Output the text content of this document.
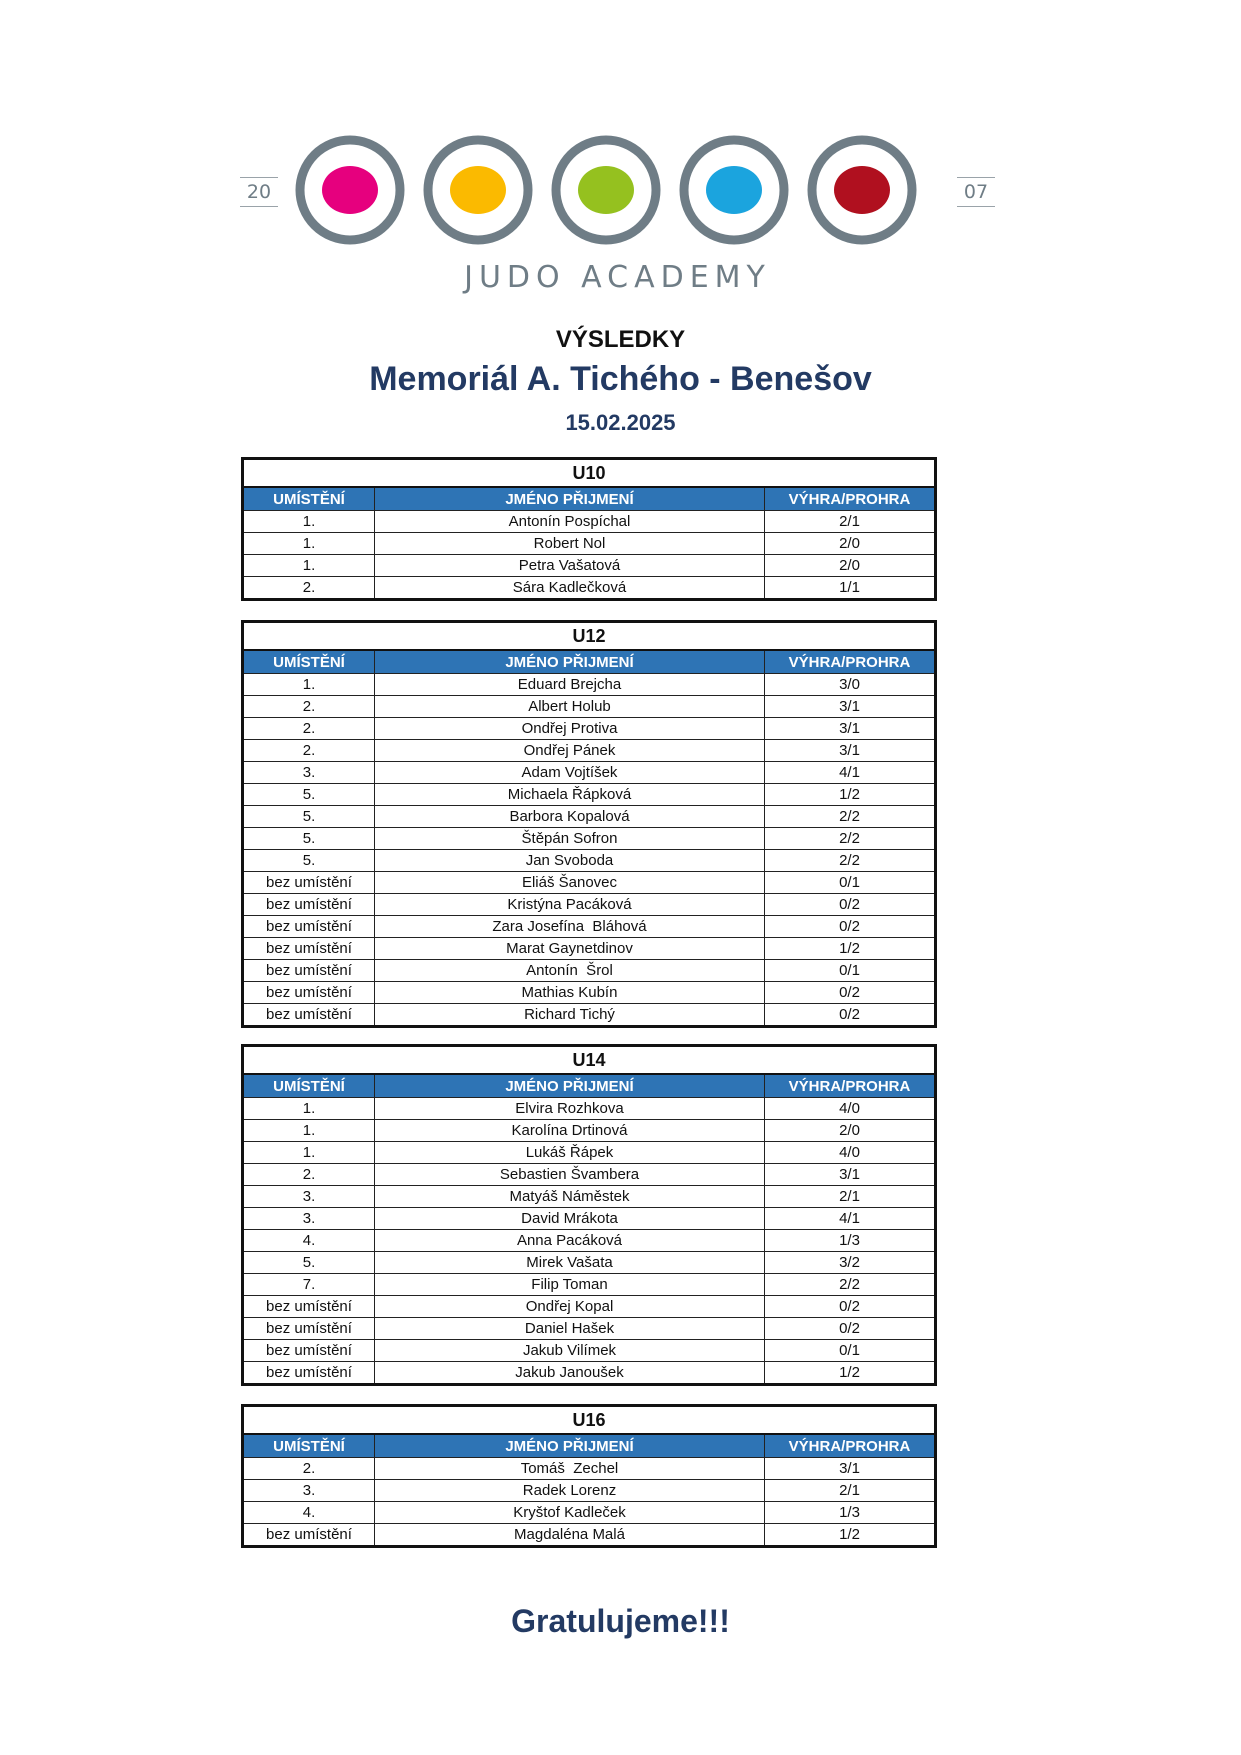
20	07
JUDO ACADEMY
VÝSLEDKY
Memoriál A. Tichého - Benešov
15.02.2025
U10		
UMÍSTĚNÍ	JMÉNO PŘIJMENÍ	VÝHRA/PROHRA
1.	Antonín Pospíchal	2/1
1.	Robert Nol	2/0
1.	Petra Vašatová	2/0
2.	Sára Kadlečková	1/1
U12		
UMÍSTĚNÍ	JMÉNO PŘIJMENÍ	VÝHRA/PROHRA
1.	Eduard Brejcha	3/0
2.	Albert Holub	3/1
2.	Ondřej Protiva	3/1
2.	Ondřej Pánek	3/1
3.	Adam Vojtíšek	4/1
5.	Michaela Řápková	1/2
5.	Barbora Kopalová	2/2
5.	Štěpán Sofron	2/2
5.	Jan Svoboda	2/2
bez umístění	Eliáš Šanovec	0/1
bez umístění	Kristýna Pacáková	0/2
bez umístění	Zara Josefína  Bláhová	0/2
bez umístění	Marat Gaynetdinov	1/2
bez umístění	Antonín  Šrol	0/1
bez umístění	Mathias Kubín	0/2
bez umístění	Richard Tichý	0/2
U14		
UMÍSTĚNÍ	JMÉNO PŘIJMENÍ	VÝHRA/PROHRA
1.	Elvira Rozhkova	4/0
1.	Karolína Drtinová	2/0
1.	Lukáš Řápek	4/0
2.	Sebastien Švambera	3/1
3.	Matyáš Náměstek	2/1
3.	David Mrákota	4/1
4.	Anna Pacáková	1/3
5.	Mirek Vašata	3/2
7.	Filip Toman	2/2
bez umístění	Ondřej Kopal	0/2
bez umístění	Daniel Hašek	0/2
bez umístění	Jakub Vilímek	0/1
bez umístění	Jakub Janoušek	1/2
U16		
UMÍSTĚNÍ	JMÉNO PŘIJMENÍ	VÝHRA/PROHRA
2.	Tomáš  Zechel	3/1
3.	Radek Lorenz	2/1
4.	Kryštof Kadleček	1/3
bez umístění	Magdaléna Malá	1/2
Gratulujeme!!!
